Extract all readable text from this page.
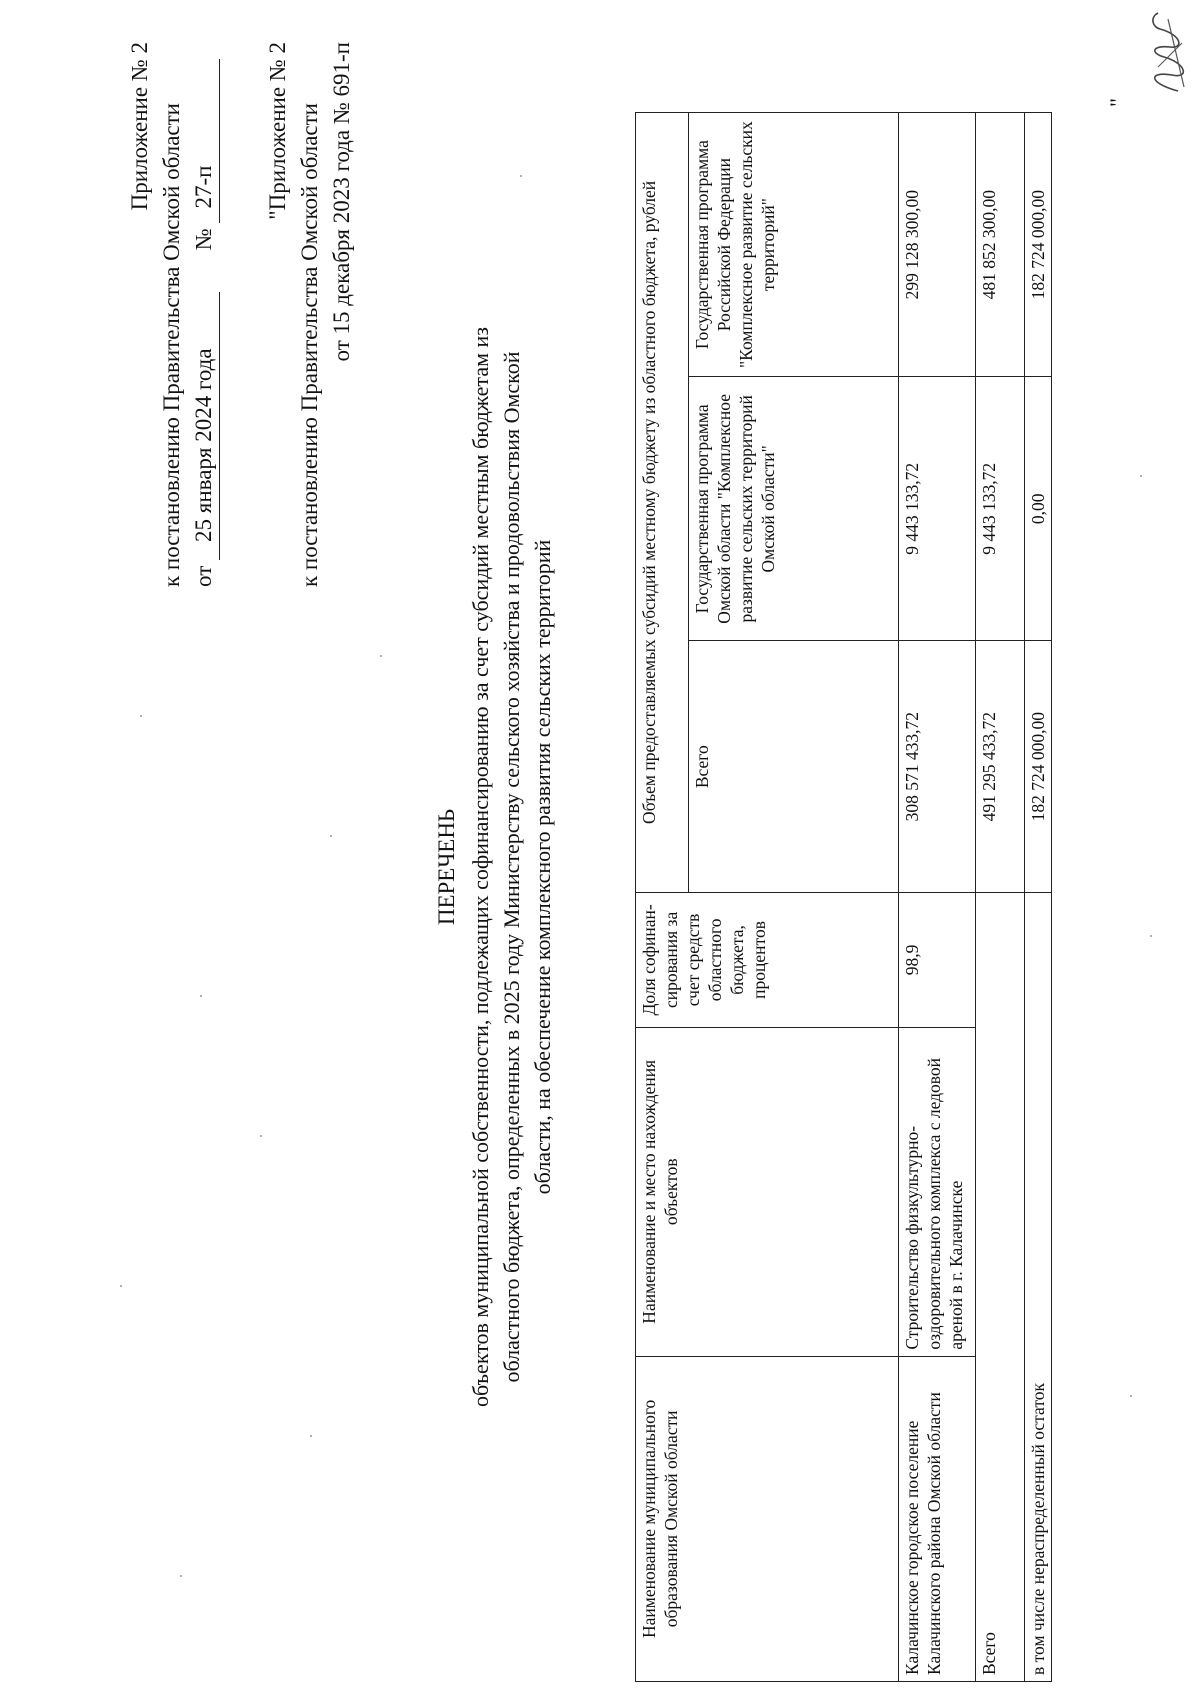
Приложение № 2 к постановлению Правительства Омской области от 25 января 2024 года № 27-п "Приложение № 2 к постановлению Правительства Омской области от 15 декабря 2023 года № 691-п
ПЕРЕЧЕНЬ объектов муниципальной собственности, подлежащих софинансированию за счет субсидий местным бюджетам из областного бюджета, определенных в 2025 году Министерству сельского хозяйства и продовольствия Омской области, на обеспечение комплексного развития сельских территорий
Наименование муниципального образования Омской области	Наименование и место нахождения объектов	Доля софинан-сирования за счет средств областного бюджета, процентов	Объем предоставляемых субсидий местному бюджету из областного бюджета, рублей		
			Всего	Государственная программа Омской области "Комплексное развитие сельских территорий Омской области"	Государственная программа Российской Федерации "Комплексное развитие сельских территорий"
Калачинское городское поселение Калачинского района Омской области	Строительство физкультурно-оздоровительного комплекса с ледовой ареной в г. Калачинске	98,9	308 571 433,72	9 443 133,72	299 128 300,00
Всего			491 295 433,72	9 443 133,72	481 852 300,00
в том числе нераспределенный остаток			182 724 000,00	0,00	182 724 000,00
"
